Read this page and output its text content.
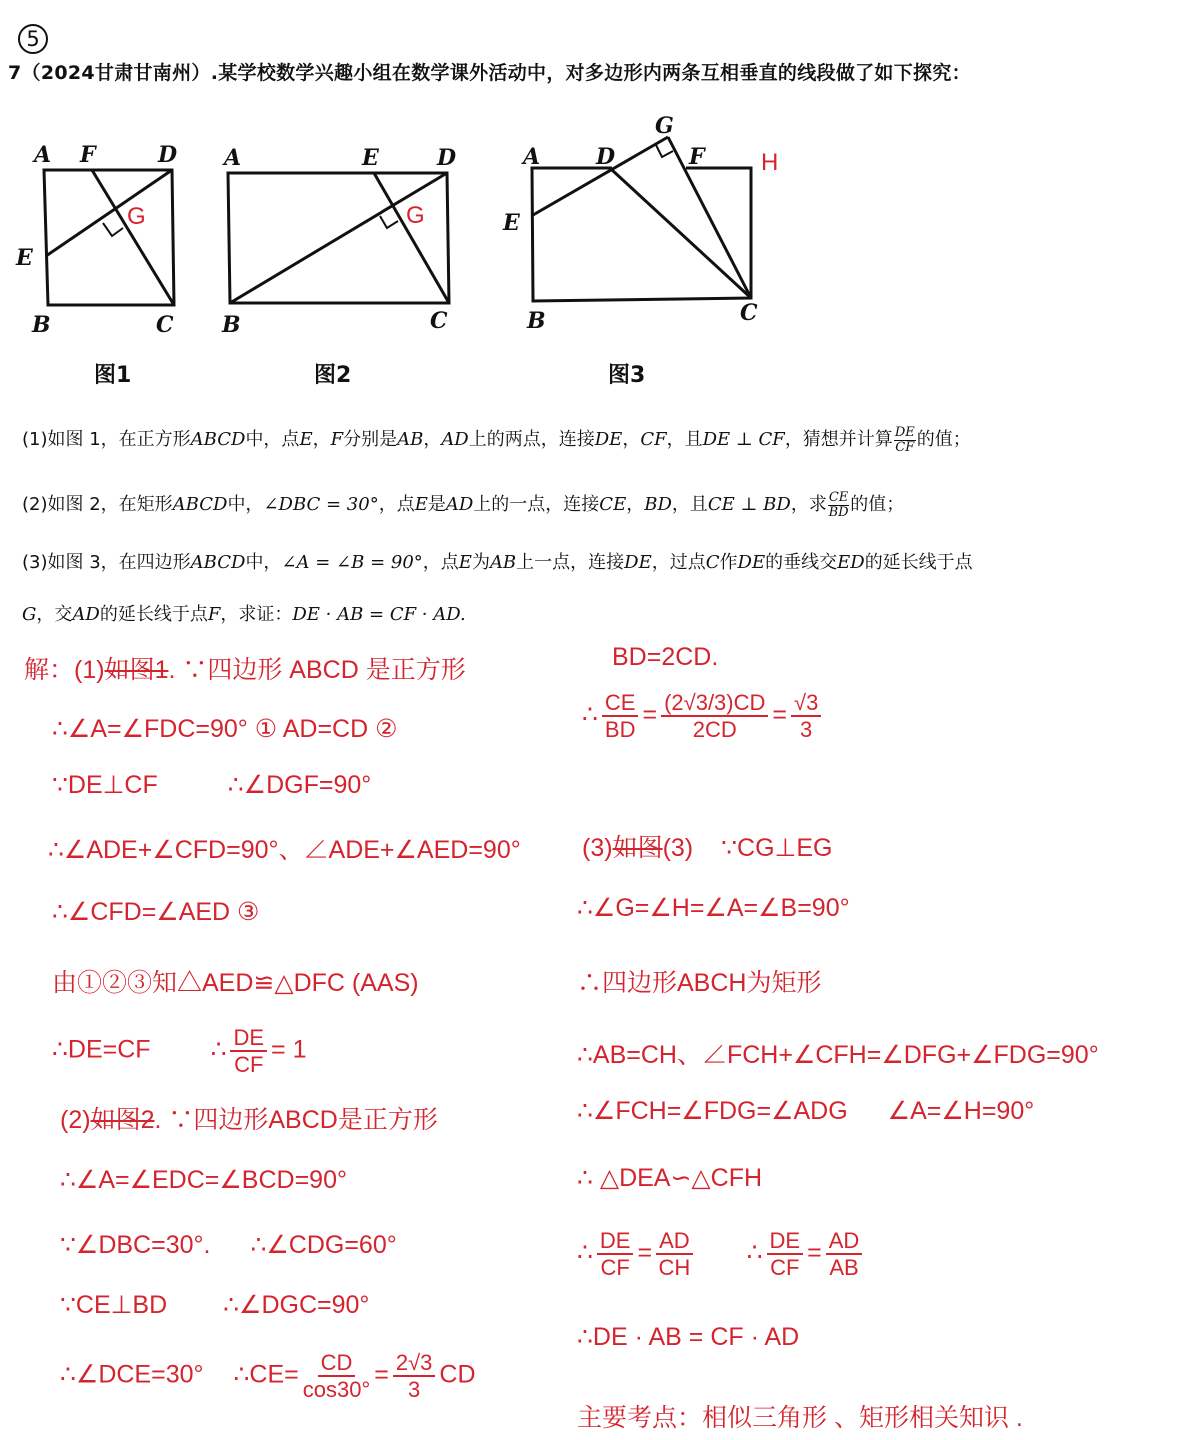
5
7（2024甘肃甘南州）.某学校数学兴趣小组在数学课外活动中，对多边形内两条互相垂直的线段做了如下探究：
A F	D
E
B	C
G
图1
A	E	D
B	C
G
图2
A	D
G
F H
E
B	C
图3
(1)如图 1，在正方形ABCD中，点E，F分别是AB，AD上的两点，连接DE，CF，且DE ⊥ CF，猜想并计算 $\frac{DE}{CF}$ 的值；
(2)如图 2，在矩形ABCD中，∠DBC = 30°，点E是AD上的一点，连接CE，BD，且CE ⊥ BD，求 $\frac{CE}{BD}$ 的值；
(3)如图 3，在四边形ABCD中，∠A = ∠B = 90°，点E为AB上一点，连接DE，过点C作DE的垂线交ED的延长线于点
G，交AD的延长线于点F，求证：DE · AB = CF · AD.
解：(1)如图1. ∵四边形 ABCD 是正方形
∴∠A=∠FDC=90° ① AD=CD ②
∵DE⊥CF	∴∠DGF=90°
∴∠ADE+∠CFD=90°、∠ADE+∠AED=90°
∴∠CFD=∠AED ③
由①②③知△AED≌△DFC (AAS)
∴DE=CF ∴ $\frac{DE}{CF} = 1$
(2)如图2. ∵四边形ABCD是正方形
∴∠A=∠EDC=∠BCD=90°
∵∠DBC=30°. ∴∠CDG=60°
∵CE⊥BD ∴∠DGC=90°
∴∠DCE=30° ∴CE= $\frac{CD}{\cos 30^\circ} = \frac{2√3}{3}$ CD
BD=2CD.
∴ $\frac{CE}{BD} = \frac{(2√3/3)CD}{2CD} = \frac{√3}{3}$
(3)如图(3) ∵CG⊥EG
∴∠G=∠H=∠A=∠B=90°
∴四边形ABCH为矩形
∴AB=CH、∠FCH+∠CFH=∠DFG+∠FDG=90°
∴∠FCH=∠FDG=∠ADG ∠A=∠H=90°
∴ △DEA∽△CFH
∴ $\frac{DE}{CF} = \frac{AD}{CH}$ ∴ $\frac{DE}{CF} = \frac{AD}{AB}$
∴DE · AB = CF · AD
主要考点：相似三角形 、矩形相关知识 .
